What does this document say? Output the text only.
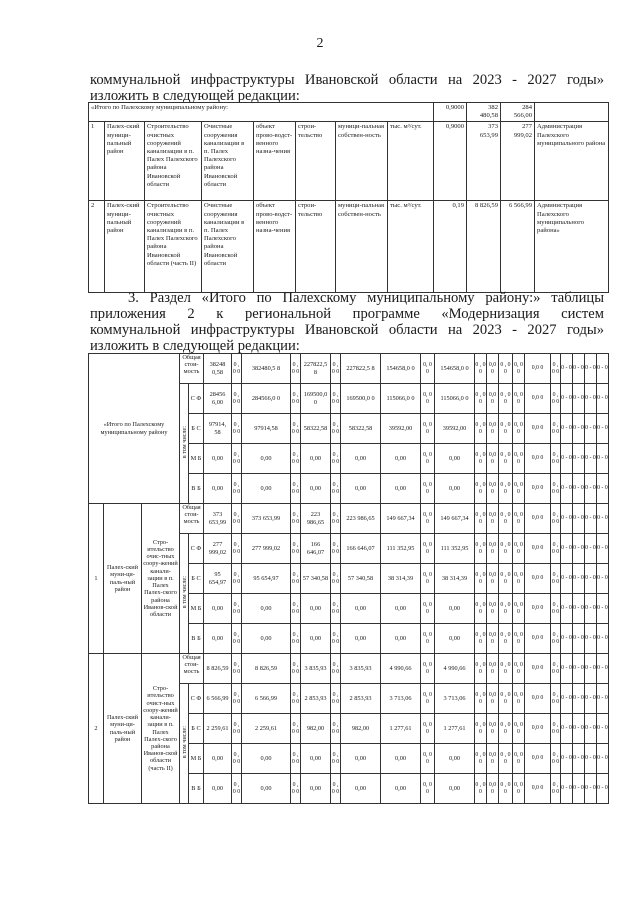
2
коммунальной инфраструктуры Ивановской области на 2023 - 2027 годы»
изложить в следующей редакции:
«Итого по Палехскому муниципальному району:								0,9000	382 480,58	284 566,00	
1	Палех-ский муници-пальный район	Строительство очистных сооружений канализации в п. Палех Палехского района Ивановской области	Очистные сооружения канализации в п. Палех Палехского района Ивановской области	объект прово-водст-венного назна-чения	строи-тельство	муници-пальная собствен-ность	тыс. м³/сут.	0,9000	373 653,99	277 999,02	Администрация Палехского муниципального района
2	Палех-ский муници-пальный район	Строительство очистных сооружений канализации в п. Палех Палехского района Ивановской области (часть II)	Очистные сооружения канализации в п. Палех Палехского района Ивановской области	объект прово-водст-венного назна-чения	строи-тельство	муници-пальная собствен-ность	тыс. м³/сут.	0,19	8 826,59	6 566,99	Администрация Палехского муниципального района»
3. Раздел «Итого по Палехскому муниципальному району:» таблицы
приложения 2 к региональной программе «Модернизация систем
коммунальной инфраструктуры Ивановской области на 2023 - 2027 годы»
изложить в следующей редакции:
«Итого по Палехскому муниципальному району			Общая стои-мость		38248 0,58	0 , 0 0	382480,5 8	0 , 0 0	227822,5 8	0 , 0 0	227822,5 8	154658,0 0	0, 0 0	154658,0 0	0 , 0 0	0,0 0	0 , 0 0	0, 0 0	0,0 0	0 , 0 0	0 - 0	0 - 0	0 - 0	0 - 0	
			в том числе:	С Ф	28456 6,00	0 , 0 0	284566,0 0	0 , 0 0	169500,0 0	0 , 0 0	169500,0 0	115066,0 0	0, 0 0	115066,0 0	0 , 0 0	0,0 0	0 , 0 0	0, 0 0	0,0 0	0 , 0 0	0 - 0	0 - 0	0 - 0	0 - 0	
				Б С	97914, 58	0 , 0 0	97914,58	0 , 0 0	58322,58	0 , 0 0	58322,58	39592,00	0, 0 0	39592,00	0 , 0 0	0,0 0	0 , 0 0	0, 0 0	0,0 0	0 , 0 0	0 - 0	0 - 0	0 - 0	0 - 0	
				М Б	0,00	0 , 0 0	0,00	0 , 0 0	0,00	0 , 0 0	0,00	0,00	0, 0 0	0,00	0 , 0 0	0,0 0	0 , 0 0	0, 0 0	0,0 0	0 , 0 0	0 - 0	0 - 0	0 - 0	0 - 0	
				В Б	0,00	0 , 0 0	0,00	0 , 0 0	0,00	0 , 0 0	0,00	0,00	0, 0 0	0,00	0 , 0 0	0,0 0	0 , 0 0	0, 0 0	0,0 0	0 , 0 0	0 - 0	0 - 0	0 - 0	0 - 0	
1	Палех-ский муни-ци-паль-ный район	Стро-ительство очис-тных соору-жений канали-зации в п. Палех Палех-ского района Иванов-ской области	Общая стои-мость		373 653,99	0 , 0 0	373 653,99	0 , 0 0	223 986,65	0 , 0 0	223 986,65	149 667,34	0, 0 0	149 667,34	0 , 0 0	0,0 0	0 , 0 0	0, 0 0	0,0 0	0 , 0 0	0 - 0	0 - 0	0 - 0	0 - 0	
			в том числе:	С Ф	277 999,02	0 , 0 0	277 999,02	0 , 0 0	166 646,07	0 , 0 0	166 646,07	111 352,95	0, 0 0	111 352,95	0 , 0 0	0,0 0	0 , 0 0	0, 0 0	0,0 0	0 , 0 0	0 - 0	0 - 0	0 - 0	0 - 0	
				Б С	95 654,97	0 , 0 0	95 654,97	0 , 0 0	57 340,58	0 , 0 0	57 340,58	38 314,39	0, 0 0	38 314,39	0 , 0 0	0,0 0	0 , 0 0	0, 0 0	0,0 0	0 , 0 0	0 - 0	0 - 0	0 - 0	0 - 0	
				М Б	0,00	0 , 0 0	0,00	0 , 0 0	0,00	0 , 0 0	0,00	0,00	0, 0 0	0,00	0 , 0 0	0,0 0	0 , 0 0	0, 0 0	0,0 0	0 , 0 0	0 - 0	0 - 0	0 - 0	0 - 0	
				В Б	0,00	0 , 0 0	0,00	0 , 0 0	0,00	0 , 0 0	0,00	0,00	0, 0 0	0,00	0 , 0 0	0,0 0	0 , 0 0	0, 0 0	0,0 0	0 , 0 0	0 - 0	0 - 0	0 - 0	0 - 0	
2	Палех-ский муни-ци-паль-ный район	Стро-ительство очист-ных соору-жений канали-зации в п. Палех Палех-ского района Иванов-ской области (часть II)	Общая стои-мость		8 826,59	0 , 0 0	8 826,59	0 , 0 0	3 835,93	0 , 0 0	3 835,93	4 990,66	0, 0 0	4 990,66	0 , 0 0	0,0 0	0 , 0 0	0, 0 0	0,0 0	0 , 0 0	0 - 0	0 - 0	0 - 0	0 - 0	
			в том числе:	С Ф	6 566,99	0 , 0 0	6 566,99	0 , 0 0	2 853,93	0 , 0 0	2 853,93	3 713,06	0, 0 0	3 713,06	0 , 0 0	0,0 0	0 , 0 0	0, 0 0	0,0 0	0 , 0 0	0 - 0	0 - 0	0 - 0	0 - 0	
				Б С	2 259,61	0 , 0 0	2 259,61	0 , 0 0	982,00	0 , 0 0	982,00	1 277,61	0, 0 0	1 277,61	0 , 0 0	0,0 0	0 , 0 0	0, 0 0	0,0 0	0 , 0 0	0 - 0	0 - 0	0 - 0	0 - 0	
				М Б	0,00	0 , 0 0	0,00	0 , 0 0	0,00	0 , 0 0	0,00	0,00	0, 0 0	0,00	0 , 0 0	0,0 0	0 , 0 0	0, 0 0	0,0 0	0 , 0 0	0 - 0	0 - 0	0 - 0	0 - 0	
				В Б	0,00	0 , 0 0	0,00	0 , 0 0	0,00	0 , 0 0	0,00	0,00	0, 0 0	0,00	0 , 0 0	0,0 0	0 , 0 0	0, 0 0	0,0 0	0 , 0 0	0 - 0	0 - 0	0 - 0	0 - 0	
